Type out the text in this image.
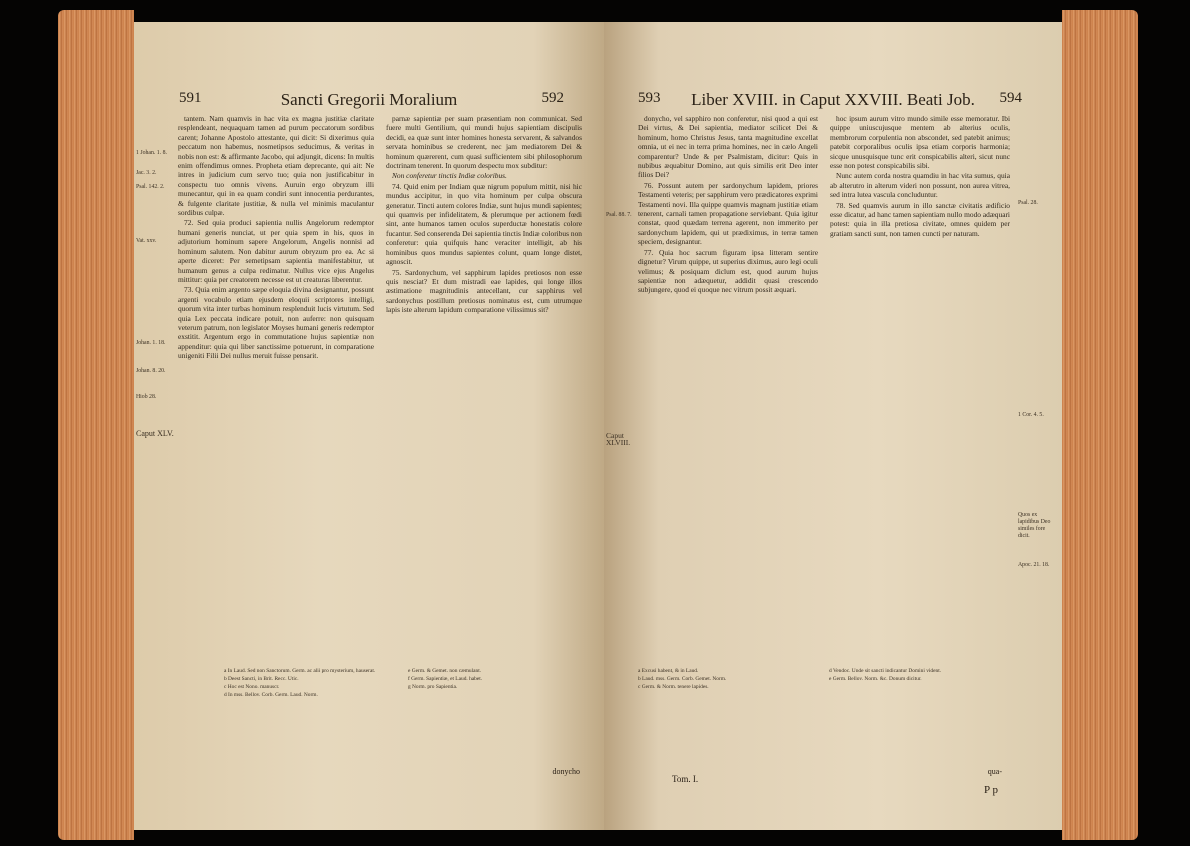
591	Sancti Gregorii Moralium	592
1 Johan. 1. 8.
Jac. 3. 2.
Psal. 142. 2.
Vat. xxv.
Caput XLV.
Johan. 1. 18.
Johan. 8. 20.
Hiob 28.

tantem. Nam quamvis in hac vita ex magna justitiæ claritate resplendeant, nequaquam tamen ad purum peccatorum sordibus carent; Johanne Apostolo attestante, qui dicit: Si dixerimus quia peccatum non habemus, nosmetipsos seducimus, & veritas in nobis non est: & affirmante Jacobo, qui adjungit, dicens: In multis enim offendimus omnes. Propheta etiam deprecante, qui ait: Ne intres in judicium cum servo tuo; quia non justificabitur in conspectu tuo omnis vivens. Auruin ergo obryzum illi munecantur, qui in ea quam condiri sunt innocentia perdurantes, & fulgente claritate justitiæ, & nulla vel minimis maculantur sordibus culpæ.

72. Sed quia produci sapientia nullis Angelorum redemptor humani generis nunciat, ut per quia spem in his, quos in adjutorium hominum sapere Angelorum, Angelis nonnisi ad hominum salutem. Non dabitur aurum obryzum pro ea. Ac si aperte diceret: Per semetipsam sapientia manifestabitur, ut humanum genus a culpa redimatur. Nullus vice ejus Angelus mittitur: quia per creatorem necesse est ut creaturas liberentur.

73. Quia enim argento sæpe eloquia divina designantur, possunt argenti vocabulo etiam ejusdem eloquii scriptores intelligi, quorum vita inter turbas hominum resplenduit lucis virtutum. Sed quia Lex peccata indicare potuit, non auferre: non quisquam veterum patrum, non legislator Moyses humani generis redemptor exstitit. Argentum ergo in commutatione hujus sapientiæ non appenditur: quia qui liber sanctissime potuerunt, in comparatione unigeniti Filii Dei nullus meruit fuisse pensarit.

parnæ sapientiæ per suam præsentiam non communicat. Sed fuere multi Gentilium, qui mundi hujus sapientiam discipulis decidi, ea quæ sunt inter homines honesta servarent, & salvandos servata hominibus se crederent, nec jam mediatorem Dei & hominum quærerent, cum quasi sufficientem sibi philosophorum doctrinam tenerent. In quorum despectu mox subditur:

Non conferetur tinctis Indiæ coloribus.

74. Quid enim per Indiam quæ nigrum populum mittit, nisi hic mundus accipitur, in quo vita hominum per culpa obscura generatur. Tincti autem colores Indiæ, sunt hujus mundi sapientes; qui quamvis per infidelitatem, & plerumque per actionem fœdi sint, ante humanos tamen oculos superductæ honestatis colore fucantur. Sed conserenda Dei sapientia tinctis Indiæ coloribus non conferetur: quia quifquis hanc veraciter intelligit, ab his hominibus quos mundus sapientes colunt, quam longe distet, agnoscit.

75. Sardonychum, vel sapphirum lapides pretiosos non esse quis nesciat? Et dum mistradi eae lapides, qui longe illos æstimatione magnitudinis antecellant, cur sapphirus vel sardonychus postillum pretiosus nominatus est, cum utrumque lapis iste alterum lapidum comparatione vilissimus sit?

a In Laud. Sed non Sanctorum. Germ. ac alii pro mysterium, hauserat.

b Deest Sancti, in Brit. Recc. Utic.

c Hoc est Nono. manuscr.

d In mss. Bellov. Corb. Germ. Laud. Norm.

e Germ. & Gemet. non cæmulant.

f Germ. Sapientiæ, et Laud. habet.

g Norm. pro Sapientia.

donycho
593	Liber XVIII. in Caput XXVIII. Beati Job.	594
Psal. 88. 7.
Caput XLVIII.
Psal. 28.
1 Cor. 4. 5.
Apoc. 21. 18.
Quos ex lapidibus Deo similes fore dicit.

donycho, vel sapphiro non conferetur, nisi quod a qui est Dei virtus, & Dei sapientia, mediator scilicet Dei & hominum, homo Christus Jesus, tanta magnitudine excellat omnia, ut ei nec in terra prima homines, nec in cælo Angeli comparentur? Unde & per Psalmistam, dicitur: Quis in nubibus æquabitur Domino, aut quis similis erit Deo inter filios Dei?

76. Possunt autem per sardonychum lapidem, priores Testamenti veteris; per sapphirum vero prædicatores exprimi Testamenti novi. Illa quippe quamvis magnam justitiæ etiam tenerent, carnali tamen propagatione serviebant. Quia igitur constat, quod quædam terrena agerent, non immerito per sardonychum lapidem, qui ut prædiximus, in terræ tamen speciem, designantur.

77. Quia hoc sacrum figuram ipsa litteram sentire dignetur? Virum quippe, ut superius diximus, auro legi oculi velimus; & posiquam diclum est, quod aurum hujus sapientiæ non adæquetur, addidit quasi crescendo subjungere, quod ei quoque nec vitrum possit æquari.

hoc ipsum aurum vitro mundo simile esse memoratur. Ibi quippe uniuscujusque mentem ab alterius oculis, membrorum corpulentia non abscondet, sed patebit animus; patebit corporalibus oculis ipsa etiam corporis harmonia; sicque unusquisque tunc erit conspicabilis alteri, sicut nunc esse non potest conspicabilis sibi.

Nunc autem corda nostra quamdiu in hac vita sumus, quia ab alterutro in alterum videri non possunt, non aurea vitrea, sed intra lutea vascula concluduntur.

78. Sed quamvis aurum in illo sanctæ civitatis ædificio esse dicatur, ad hanc tamen sapientiam nullo modo adæquari potest: quia in illa pretiosa civitate, omnes quidem per gratiam sancti sunt, non tamen cuncti per naturam.

a Excusi habent, & in Laud.

b Laud. mss. Germ. Corb. Gemet. Norm.

c Germ. & Norm. tenere lapides.

d Vendoc. Unde sit sancti indicantur Domini vident.

e Germ. Bellov. Norm. &c. Donum dicitur.

qua-
Tom. I.
P p
